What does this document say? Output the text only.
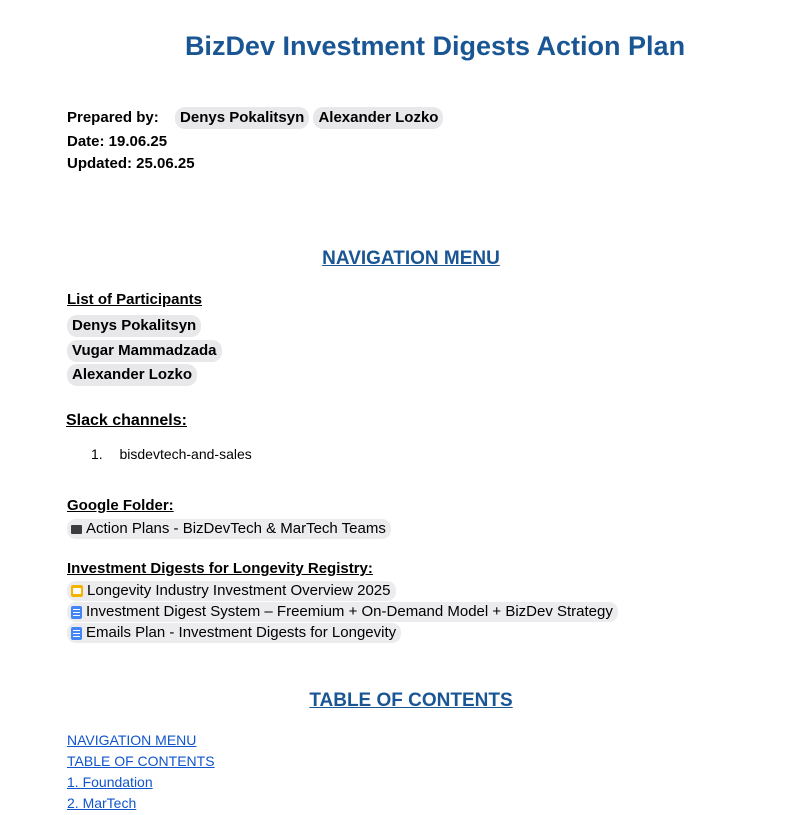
BizDev Investment Digests Action Plan
Prepared by: Denys Pokalitsyn Alexander Lozko
Date: 19.06.25
Updated: 25.06.25
NAVIGATION MENU
List of Participants
Denys Pokalitsyn
Vugar Mammadzada
Alexander Lozko
Slack channels:
1. bisdevtech-and-sales
Google Folder:
Action Plans - BizDevTech & MarTech Teams
Investment Digests for Longevity Registry:
Longevity Industry Investment Overview 2025
Investment Digest System – Freemium + On-Demand Model + BizDev Strategy
Emails Plan - Investment Digests for Longevity
TABLE OF CONTENTS
NAVIGATION MENU
TABLE OF CONTENTS
1. Foundation
2. MarTech
